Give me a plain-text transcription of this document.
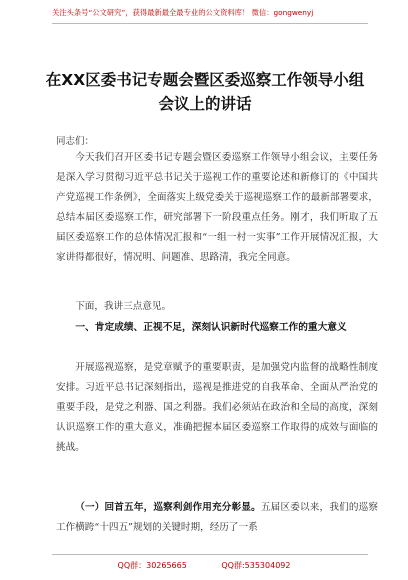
关注头条号“公文研究”，获得最新最全最专业的公文资料库！ 微信：gongwenyj
在XX区委书记专题会暨区委巡察工作领导小组会议上的讲话
同志们：
今天我们召开区委书记专题会暨区委巡察工作领导小组会议，主要任务是深入学习贯彻习近平总书记关于巡视工作的重要论述和新修订的《中国共产党巡视工作条例》，全面落实上级党委关于巡视巡察工作的最新部署要求，总结本届区委巡察工作，研究部署下一阶段重点任务。刚才，我们听取了五届区委巡察工作的总体情况汇报和“一组一村一实事”工作开展情况汇报，大家讲得都很好，情况明、问题准、思路清，我完全同意。
下面，我讲三点意见。
一、肯定成绩、正视不足，深刻认识新时代巡察工作的重大意义
开展巡视巡察，是党章赋予的重要职责，是加强党内监督的战略性制度安排。习近平总书记深刻指出，巡视是推进党的自我革命、全面从严治党的重要手段，是党之利器、国之利器。我们必须站在政治和全局的高度，深刻认识巡察工作的重大意义，准确把握本届区委巡察工作取得的成效与面临的挑战。
（一）回首五年，巡察利剑作用充分彰显。五届区委以来，我们的巡察工作横跨“十四五”规划的关键时期，经历了一系
QQ群：30265665	QQ群:535304092
